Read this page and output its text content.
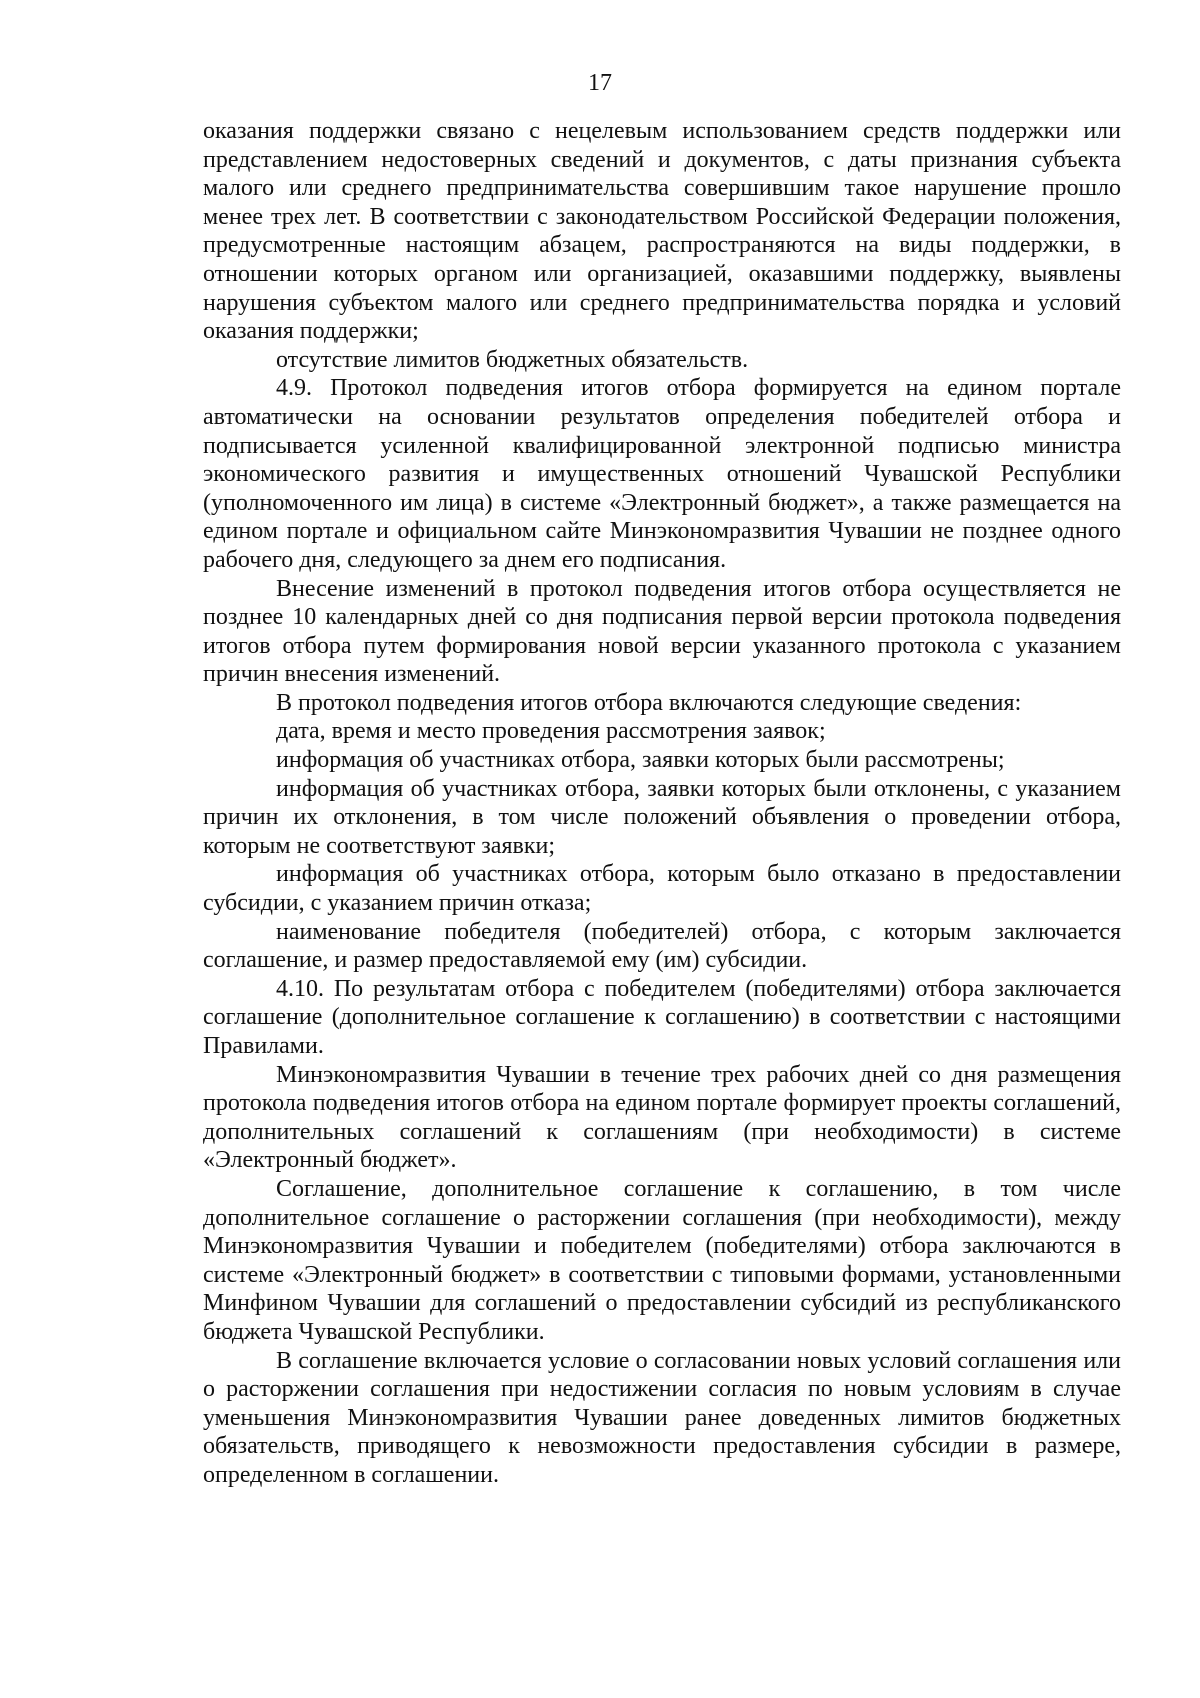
17

оказания поддержки связано с нецелевым использованием средств поддержки или представлением недостоверных сведений и документов, с даты признания субъекта малого или среднего предпринимательства совершившим такое нарушение прошло менее трех лет. В соответствии с законодательством Российской Федерации положения, предусмотренные настоящим абзацем, распространяются на виды поддержки, в отношении которых органом или организацией, оказавшими поддержку, выявлены нарушения субъектом малого или среднего предпринимательства порядка и условий оказания поддержки;

отсутствие лимитов бюджетных обязательств.

4.9. Протокол подведения итогов отбора формируется на едином портале автоматически на основании результатов определения победителей отбора и подписывается усиленной квалифицированной электронной подписью министра экономического развития и имущественных отношений Чувашской Республики (уполномоченного им лица) в системе «Электронный бюджет», а также размещается на едином портале и официальном сайте Минэкономразвития Чувашии не позднее одного рабочего дня, следующего за днем его подписания.

Внесение изменений в протокол подведения итогов отбора осуществляется не позднее 10 календарных дней со дня подписания первой версии протокола подведения итогов отбора путем формирования новой версии указанного протокола с указанием причин внесения изменений.

В протокол подведения итогов отбора включаются следующие сведения:

дата, время и место проведения рассмотрения заявок;

информация об участниках отбора, заявки которых были рассмотрены;

информация об участниках отбора, заявки которых были отклонены, с указанием причин их отклонения, в том числе положений объявления о проведении отбора, которым не соответствуют заявки;

информация об участниках отбора, которым было отказано в предоставлении субсидии, с указанием причин отказа;

наименование победителя (победителей) отбора, с которым заключается соглашение, и размер предоставляемой ему (им) субсидии.

4.10. По результатам отбора с победителем (победителями) отбора заключается соглашение (дополнительное соглашение к соглашению) в соответствии с настоящими Правилами.

Минэкономразвития Чувашии в течение трех рабочих дней со дня размещения протокола подведения итогов отбора на едином портале формирует проекты соглашений, дополнительных соглашений к соглашениям (при необходимости) в системе «Электронный бюджет».

Соглашение, дополнительное соглашение к соглашению, в том числе дополнительное соглашение о расторжении соглашения (при необходимости), между Минэкономразвития Чувашии и победителем (победителями) отбора заключаются в системе «Электронный бюджет» в соответствии с типовыми формами, установленными Минфином Чувашии для соглашений о предоставлении субсидий из республиканского бюджета Чувашской Республики.

В соглашение включается условие о согласовании новых условий соглашения или о расторжении соглашения при недостижении согласия по новым условиям в случае уменьшения Минэкономразвития Чувашии ранее доведенных лимитов бюджетных обязательств, приводящего к невозможности предоставления субсидии в размере, определенном в соглашении.
